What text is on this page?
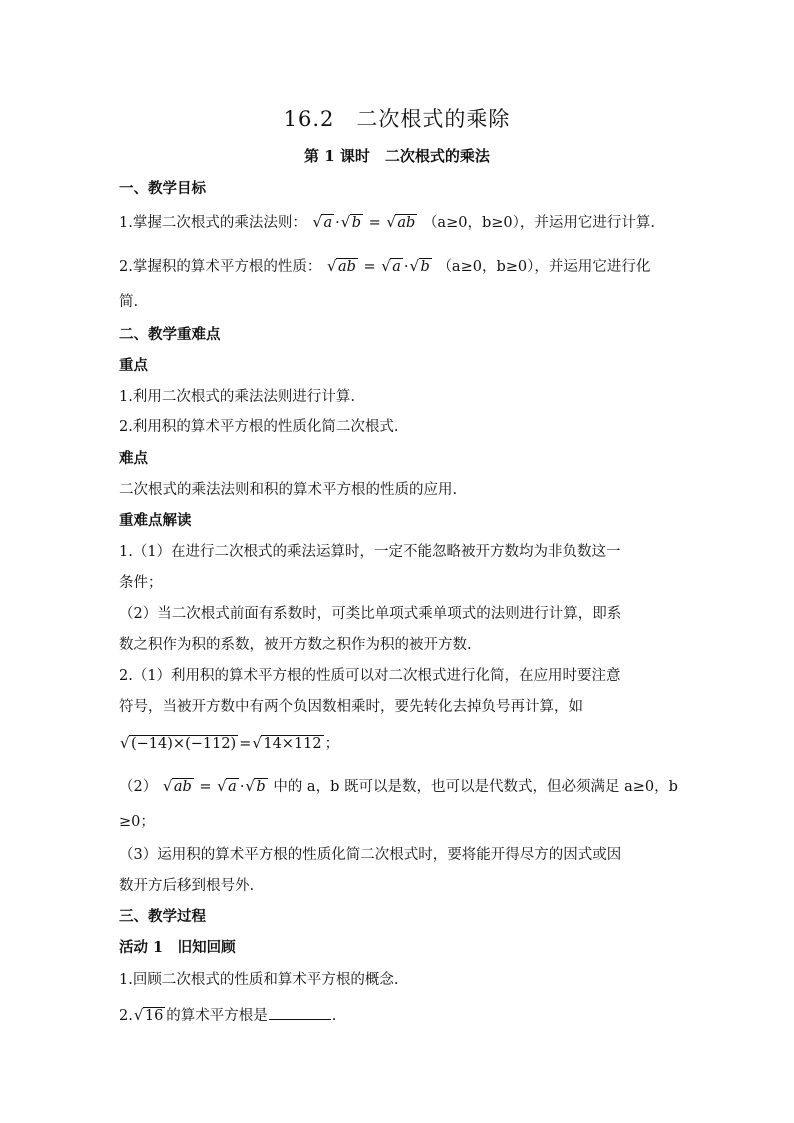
16.2　二次根式的乘除
第 1 课时　二次根式的乘法
一、教学目标
1.掌握二次根式的乘法法则： √ a · √ b = √ ab （a≥0，b≥0），并运用它进行计算.
2.掌握积的算术平方根的性质： √ ab = √ a · √ b （a≥0，b≥0），并运用它进行化
简.
二、教学重难点
重点
1.利用二次根式的乘法法则进行计算.
2.利用积的算术平方根的性质化简二次根式.
难点
二次根式的乘法法则和积的算术平方根的性质的应用.
重难点解读
1.（1）在进行二次根式的乘法运算时，一定不能忽略被开方数均为非负数这一
条件；
（2）当二次根式前面有系数时，可类比单项式乘单项式的法则进行计算，即系
数之积作为积的系数，被开方数之积作为积的被开方数.
2.（1）利用积的算术平方根的性质可以对二次根式进行化简，在应用时要注意
符号，当被开方数中有两个负因数相乘时，要先转化去掉负号再计算，如
√ (−14)×(−112) = √ 14×112 ；
（2） √ ab = √ a · √ b 中的 a，b 既可以是数，也可以是代数式，但必须满足 a≥0，b
≥0；
（3）运用积的算术平方根的性质化简二次根式时，要将能开得尽方的因式或因
数开方后移到根号外.
三、教学过程
活动 1　旧知回顾
1.回顾二次根式的性质和算术平方根的概念.
2. √ 16 的算术平方根是	.
